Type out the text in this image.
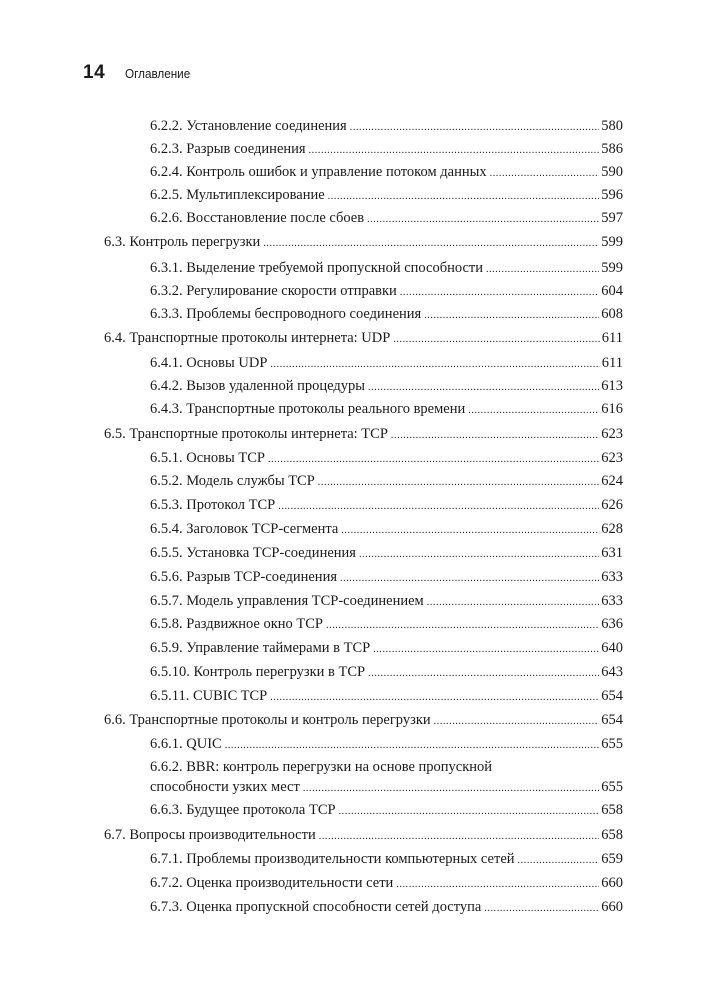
14 Оглавление
6.2.2. Установление соединения .....	580
6.2.3. Разрыв соединения .....	586
6.2.4. Контроль ошибок и управление потоком данных .....	590
6.2.5. Мультиплексирование .....	596
6.2.6. Восстановление после сбоев .....	597
6.3. Контроль перегрузки .....	599
6.3.1. Выделение требуемой пропускной способности .....	599
6.3.2. Регулирование скорости отправки .....	604
6.3.3. Проблемы беспроводного соединения .....	608
6.4. Транспортные протоколы интернета: UDP .....	611
6.4.1. Основы UDP .....	611
6.4.2. Вызов удаленной процедуры .....	613
6.4.3. Транспортные протоколы реального времени .....	616
6.5. Транспортные протоколы интернета: TCP .....	623
6.5.1. Основы TCP .....	623
6.5.2. Модель службы TCP .....	624
6.5.3. Протокол TCP .....	626
6.5.4. Заголовок TCP-сегмента .....	628
6.5.5. Установка TCP-соединения .....	631
6.5.6. Разрыв TCP-соединения .....	633
6.5.7. Модель управления TCP-соединением .....	633
6.5.8. Раздвижное окно TCP .....	636
6.5.9. Управление таймерами в TCP .....	640
6.5.10. Контроль перегрузки в TCP .....	643
6.5.11. CUBIC TCP .....	654
6.6. Транспортные протоколы и контроль перегрузки .....	654
6.6.1. QUIC .....	655
6.6.2. BBR: контроль перегрузки на основе пропускной
способности узких мест .....	655
6.6.3. Будущее протокола TCP .....	658
6.7. Вопросы производительности .....	658
6.7.1. Проблемы производительности компьютерных сетей .....	659
6.7.2. Оценка производительности сети .....	660
6.7.3. Оценка пропускной способности сетей доступа .....	660
